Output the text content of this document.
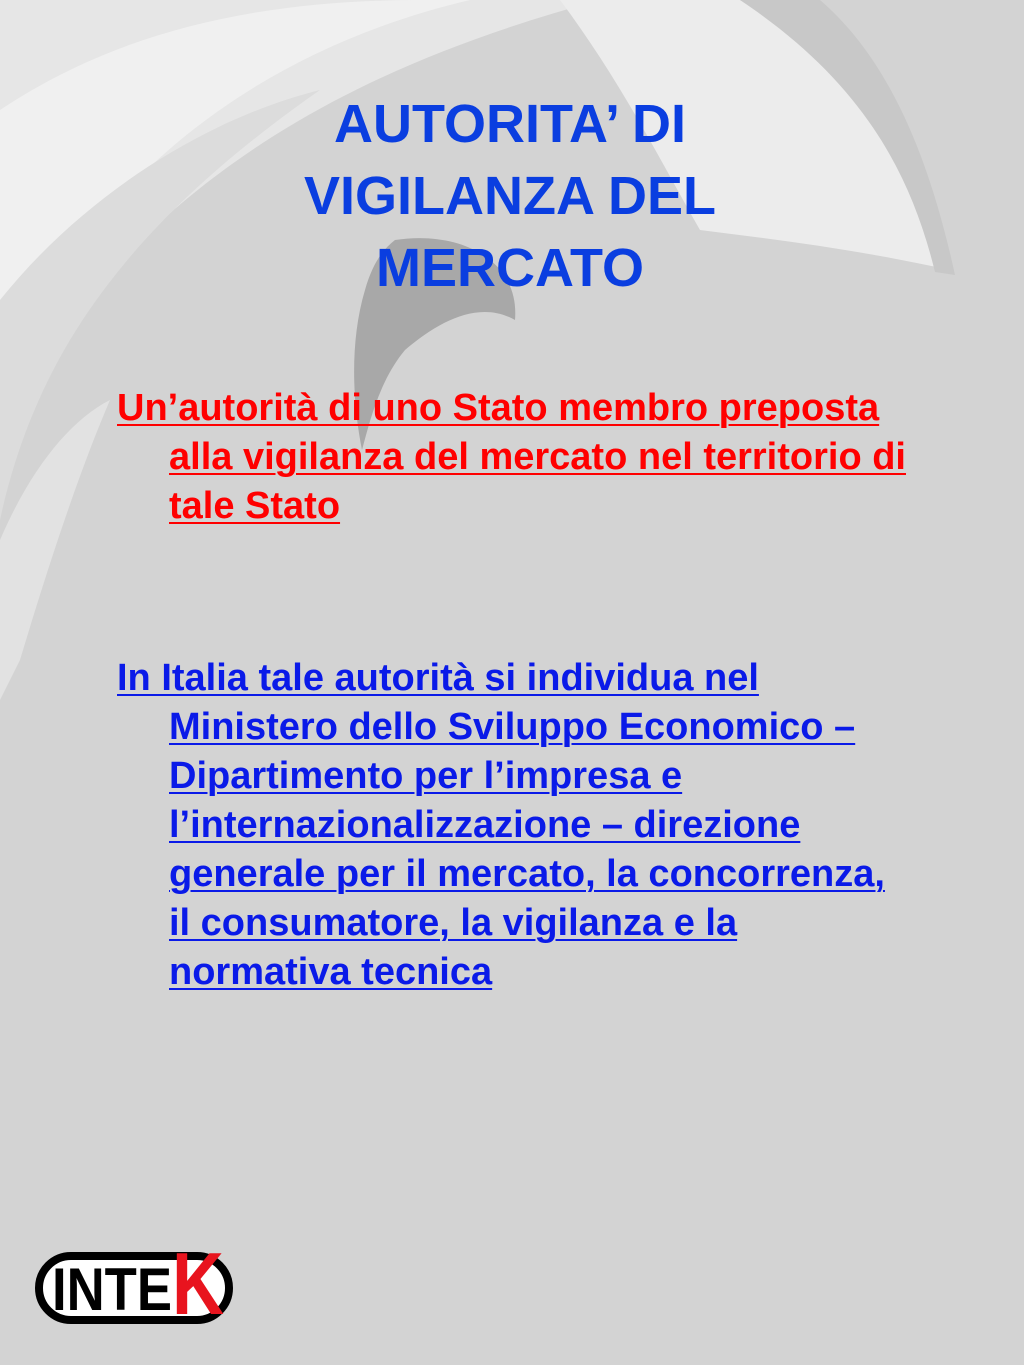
AUTORITA’ DI VIGILANZA DEL MERCATO

Un’autorità di uno Stato membro preposta alla vigilanza del mercato nel territorio di tale Stato

In Italia tale autorità si individua nel Ministero dello Sviluppo Economico – Dipartimento per l’impresa e l’internazionalizzazione – direzione generale per il mercato, la concorrenza, il consumatore, la vigilanza e la normativa tecnica

INTE K
